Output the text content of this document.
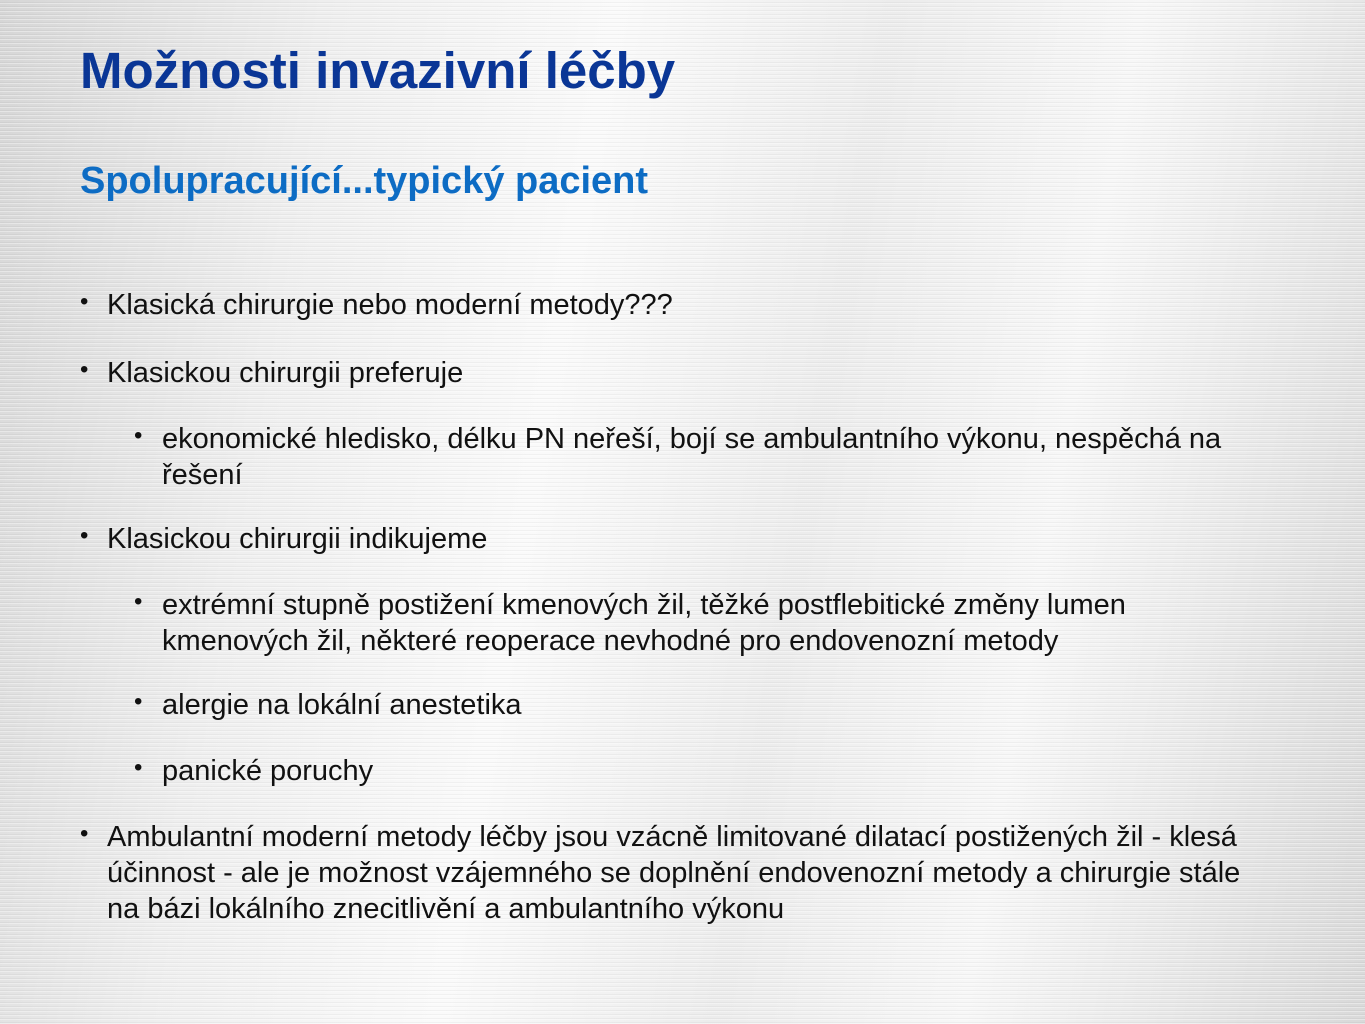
Možnosti invazivní léčby
Spolupracující...typický pacient
• Klasická chirurgie nebo moderní metody???
• Klasickou chirurgii preferuje
• ekonomické hledisko, délku PN neřeší, bojí se ambulantního výkonu, nespěchá na řešení
• Klasickou chirurgii indikujeme
• extrémní stupně postižení kmenových žil, těžké postflebitické změny lumen kmenových žil, některé reoperace nevhodné pro endovenozní metody
• alergie na lokální anestetika
• panické poruchy
• Ambulantní moderní metody léčby jsou vzácně limitované dilatací postižených žil - klesá účinnost - ale je možnost vzájemného se doplnění endovenozní metody a chirurgie stále na bázi lokálního znecitlivění a ambulantního výkonu
